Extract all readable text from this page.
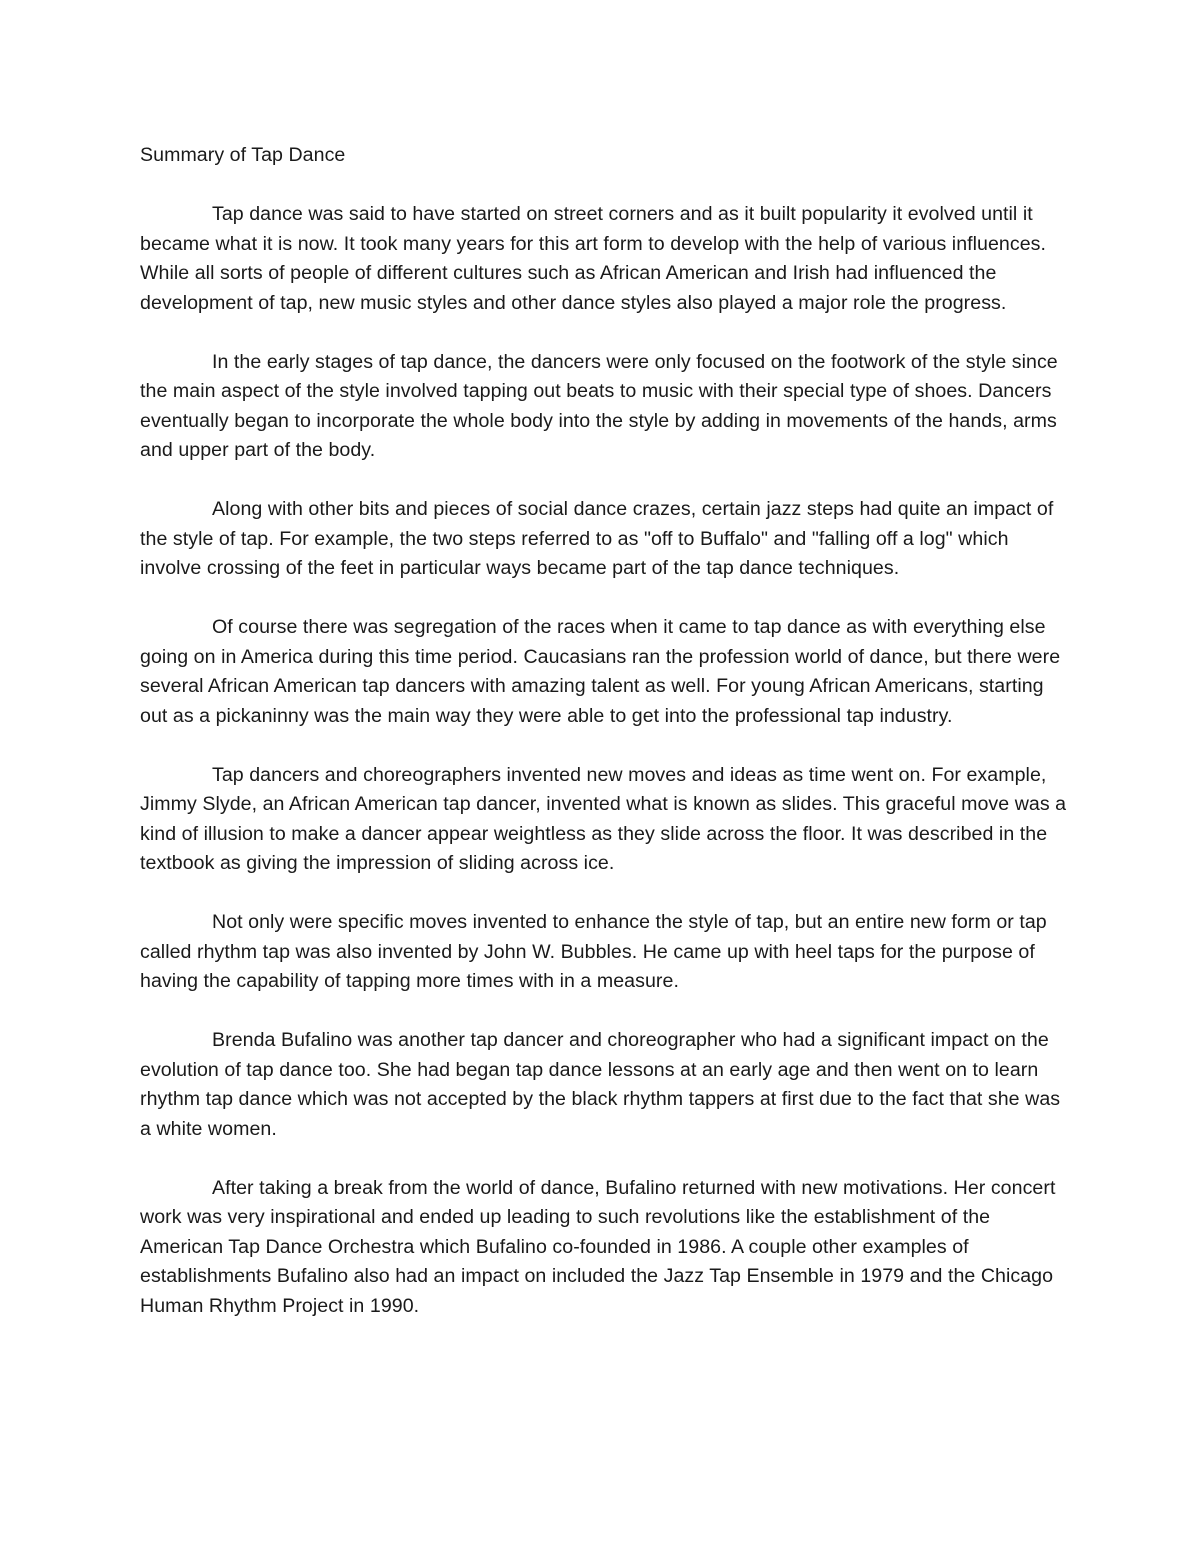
Summary of Tap Dance

Tap dance was said to have started on street corners and as it built popularity it evolved until it became what it is now. It took many years for this art form to develop with the help of various influences. While all sorts of people of different cultures such as African American and Irish had influenced the development of tap, new music styles and other dance styles also played a major role the progress.

In the early stages of tap dance, the dancers were only focused on the footwork of the style since the main aspect of the style involved tapping out beats to music with their special type of shoes. Dancers eventually began to incorporate the whole body into the style by adding in movements of the hands, arms and upper part of the body.

Along with other bits and pieces of social dance crazes, certain jazz steps had quite an impact of the style of tap. For example, the two steps referred to as "off to Buffalo" and "falling off a log" which involve crossing of the feet in particular ways became part of the tap dance techniques.

Of course there was segregation of the races when it came to tap dance as with everything else going on in America during this time period. Caucasians ran the profession world of dance, but there were several African American tap dancers with amazing talent as well. For young African Americans, starting out as a pickaninny was the main way they were able to get into the professional tap industry.

Tap dancers and choreographers invented new moves and ideas as time went on. For example, Jimmy Slyde, an African American tap dancer, invented what is known as slides. This graceful move was a kind of illusion to make a dancer appear weightless as they slide across the floor. It was described in the textbook as giving the impression of sliding across ice.

Not only were specific moves invented to enhance the style of tap, but an entire new form or tap called rhythm tap was also invented by John W. Bubbles. He came up with heel taps for the purpose of having the capability of tapping more times with in a measure.

Brenda Bufalino was another tap dancer and choreographer who had a significant impact on the evolution of tap dance too. She had began tap dance lessons at an early age and then went on to learn rhythm tap dance which was not accepted by the black rhythm tappers at first due to the fact that she was a white women.

After taking a break from the world of dance, Bufalino returned with new motivations. Her concert work was very inspirational and ended up leading to such revolutions like the establishment of the American Tap Dance Orchestra which Bufalino co-founded in 1986. A couple other examples of establishments Bufalino also had an impact on included the Jazz Tap Ensemble in 1979 and the Chicago Human Rhythm Project in 1990.
